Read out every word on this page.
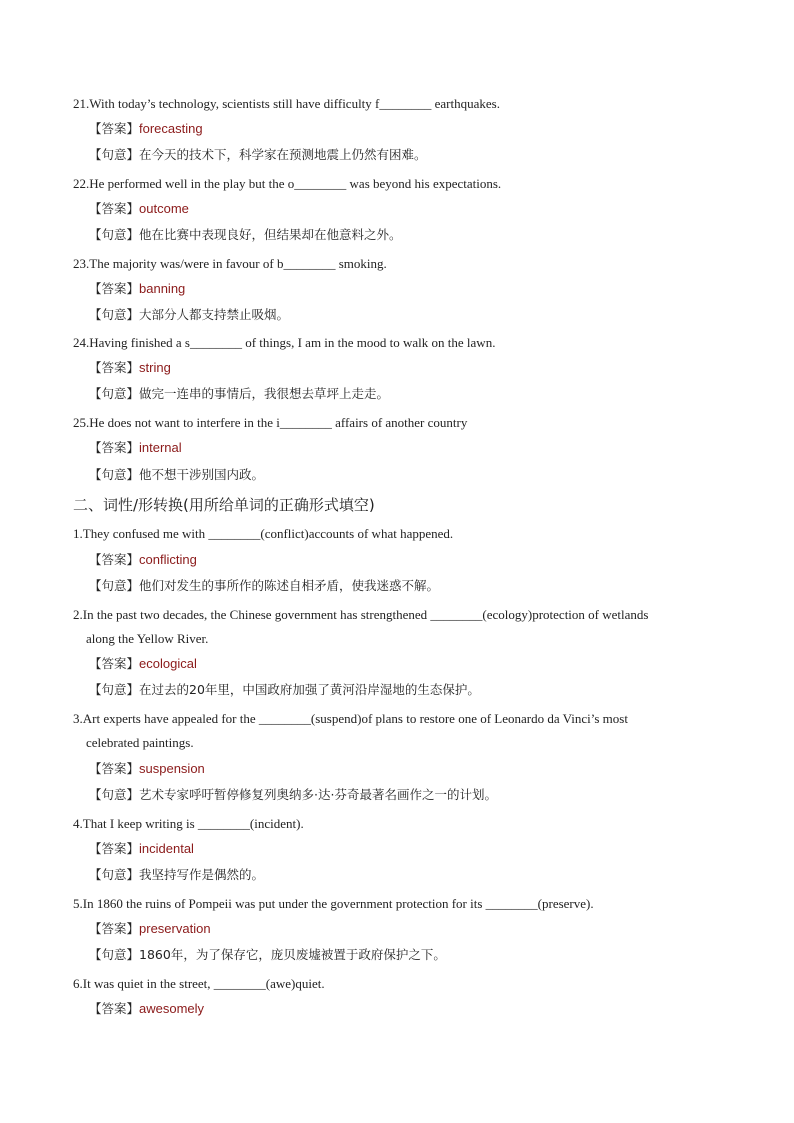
21.With today’s technology, scientists still have difficulty f________ earthquakes.
【答案】forecasting
【句意】在今天的技术下，科学家在预测地震上仍然有困难。
22.He performed well in the play but the o________ was beyond his expectations.
【答案】outcome
【句意】他在比赛中表现良好，但结果却在他意料之外。
23.The majority was/were in favour of b________ smoking.
【答案】banning
【句意】大部分人都支持禁止吸烟。
24.Having finished a s________ of things, I am in the mood to walk on the lawn.
【答案】string
【句意】做完一连串的事情后，我很想去草坪上走走。
25.He does not want to interfere in the i________ affairs of another country
【答案】internal
【句意】他不想干涉别国内政。
二、词性/形转换(用所给单词的正确形式填空)
1.They confused me with ________(conflict)accounts of what happened.
【答案】conflicting
【句意】他们对发生的事所作的陈述自相矛盾，使我迷惑不解。
2.In the past two decades, the Chinese government has strengthened ________(ecology)protection of wetlands
along the Yellow River.
【答案】ecological
【句意】在过去的20年里，中国政府加强了黄河沿岸湿地的生态保护。
3.Art experts have appealed for the ________(suspend)of plans to restore one of Leonardo da Vinci’s most
celebrated paintings.
【答案】suspension
【句意】艺术专家呼吁暂停修复列奥纳多·达·芬奇最著名画作之一的计划。
4.That I keep writing is ________(incident).
【答案】incidental
【句意】我坚持写作是偶然的。
5.In 1860 the ruins of Pompeii was put under the government protection for its ________(preserve).
【答案】preservation
【句意】1860年，为了保存它，庞贝废墟被置于政府保护之下。
6.It was quiet in the street, ________(awe)quiet.
【答案】awesomely
